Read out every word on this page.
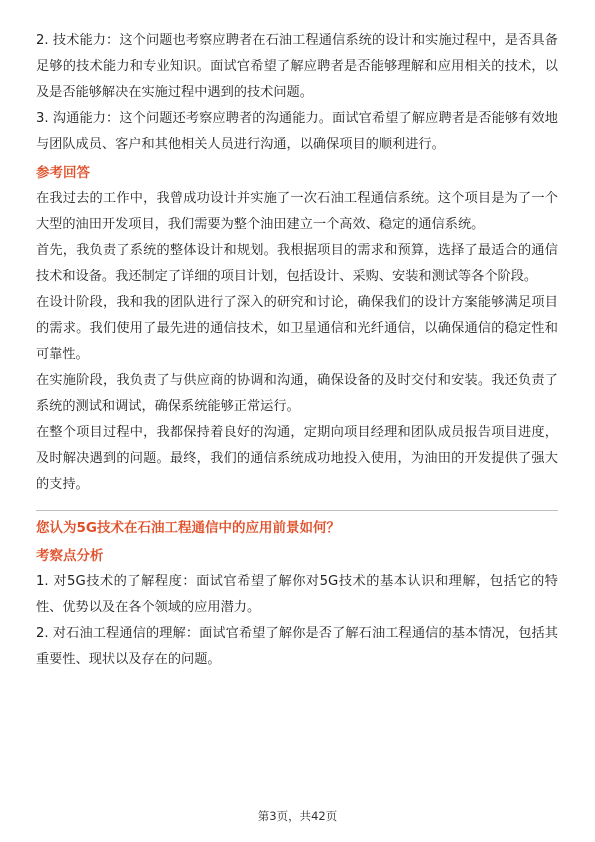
2. 技术能力：这个问题也考察应聘者在石油工程通信系统的设计和实施过程中，是否具备足够的技术能力和专业知识。面试官希望了解应聘者是否能够理解和应用相关的技术，以及是否能够解决在实施过程中遇到的技术问题。

3. 沟通能力：这个问题还考察应聘者的沟通能力。面试官希望了解应聘者是否能够有效地与团队成员、客户和其他相关人员进行沟通，以确保项目的顺利进行。

参考回答

在我过去的工作中，我曾成功设计并实施了一次石油工程通信系统。这个项目是为了一个大型的油田开发项目，我们需要为整个油田建立一个高效、稳定的通信系统。

首先，我负责了系统的整体设计和规划。我根据项目的需求和预算，选择了最适合的通信技术和设备。我还制定了详细的项目计划，包括设计、采购、安装和测试等各个阶段。

在设计阶段，我和我的团队进行了深入的研究和讨论，确保我们的设计方案能够满足项目的需求。我们使用了最先进的通信技术，如卫星通信和光纤通信，以确保通信的稳定性和可靠性。

在实施阶段，我负责了与供应商的协调和沟通，确保设备的及时交付和安装。我还负责了系统的测试和调试，确保系统能够正常运行。

在整个项目过程中，我都保持着良好的沟通，定期向项目经理和团队成员报告项目进度，及时解决遇到的问题。最终，我们的通信系统成功地投入使用，为油田的开发提供了强大的支持。

您认为5G技术在石油工程通信中的应用前景如何？

考察点分析

1. 对5G技术的了解程度：面试官希望了解你对5G技术的基本认识和理解，包括它的特性、优势以及在各个领域的应用潜力。

2. 对石油工程通信的理解：面试官希望了解你是否了解石油工程通信的基本情况，包括其重要性、现状以及存在的问题。

第3页，共42页
